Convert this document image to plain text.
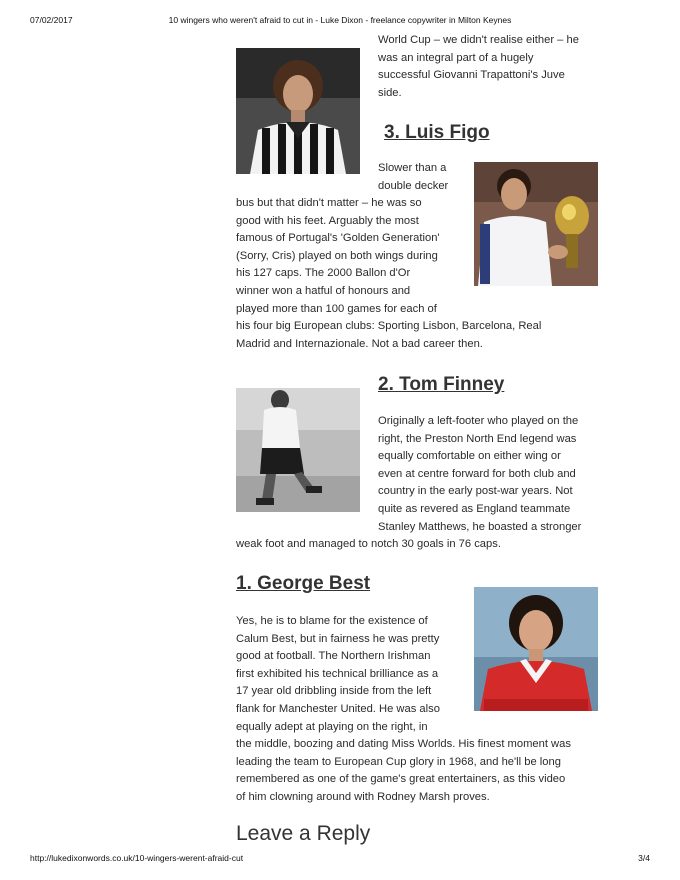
07/02/2017	10 wingers who weren't afraid to cut in - Luke Dixon - freelance copywriter in Milton Keynes
http://lukedixonwords.co.uk/10-wingers-werent-afraid-cut	3/4
World Cup – we didn't realise either – he
was an integral part of a hugely
successful Giovanni Trapattoni's Juve
side.
3. Luis Figo
Slower than a
double decker
bus but that didn't matter – he was so
good with his feet. Arguably the most
famous of Portugal's 'Golden Generation'
(Sorry, Cris) played on both wings during
his 127 caps. The 2000 Ballon d'Or
winner won a hatful of honours and
played more than 100 games for each of
his four big European clubs: Sporting Lisbon, Barcelona, Real
Madrid and Internazionale. Not a bad career then.
2. Tom Finney
Originally a left-footer who played on the
right, the Preston North End legend was
equally comfortable on either wing or
even at centre forward for both club and
country in the early post-war years. Not
quite as revered as England teammate
Stanley Matthews, he boasted a stronger
weak foot and managed to notch 30 goals in 76 caps.
1. George Best
Yes, he is to blame for the existence of
Calum Best, but in fairness he was pretty
good at football. The Northern Irishman
first exhibited his technical brilliance as a
17 year old dribbling inside from the left
flank for Manchester United. He was also
equally adept at playing on the right, in
the middle, boozing and dating Miss Worlds. His finest moment was
leading the team to European Cup glory in 1968, and he'll be long
remembered as one of the game's great entertainers, as this video
of him clowning around with Rodney Marsh proves.
Leave a Reply
